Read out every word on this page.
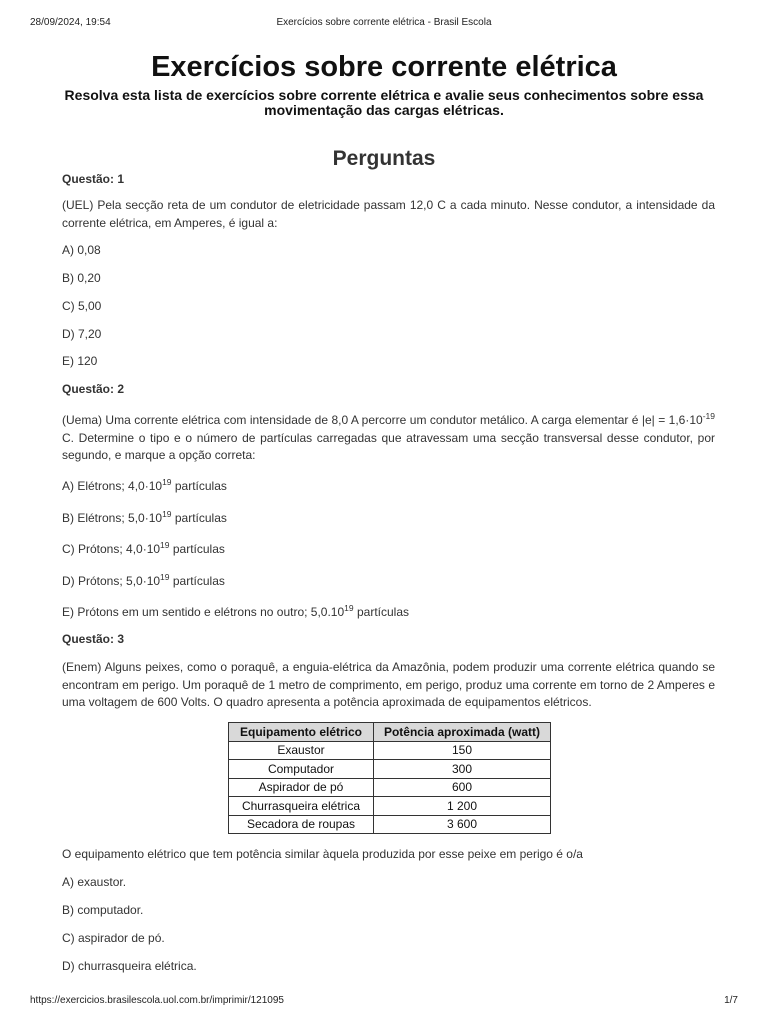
28/09/2024, 19:54	Exercícios sobre corrente elétrica - Brasil Escola
Exercícios sobre corrente elétrica
Resolva esta lista de exercícios sobre corrente elétrica e avalie seus conhecimentos sobre essa movimentação das cargas elétricas.
Perguntas
Questão: 1
(UEL) Pela secção reta de um condutor de eletricidade passam 12,0 C a cada minuto. Nesse condutor, a intensidade da corrente elétrica, em Amperes, é igual a:
A) 0,08
B) 0,20
C) 5,00
D) 7,20
E) 120
Questão: 2
(Uema) Uma corrente elétrica com intensidade de 8,0 A percorre um condutor metálico. A carga elementar é $|e| = 1,6\cdot 10^{-19}$ C. Determine o tipo e o número de partículas carregadas que atravessam uma secção transversal desse condutor, por segundo, e marque a opção correta:
A) Elétrons; $4,0\cdot 10^{19}$ partículas
B) Elétrons; $5,0\cdot 10^{19}$ partículas
C) Prótons; $4,0\cdot 10^{19}$ partículas
D) Prótons; $5,0\cdot 10^{19}$ partículas
E) Prótons em um sentido e elétrons no outro; 5,0.10$^{19}$ partículas
Questão: 3
(Enem) Alguns peixes, como o poraquê, a enguia-elétrica da Amazônia, podem produzir uma corrente elétrica quando se encontram em perigo. Um poraquê de 1 metro de comprimento, em perigo, produz uma corrente em torno de 2 Amperes e uma voltagem de 600 Volts. O quadro apresenta a potência aproximada de equipamentos elétricos.
Equipamento elétrico	Potência aproximada (watt)
Exaustor	150
Computador	300
Aspirador de pó	600
Churrasqueira elétrica	1 200
Secadora de roupas	3 600
O equipamento elétrico que tem potência similar àquela produzida por esse peixe em perigo é o/a
A) exaustor.
B) computador.
C) aspirador de pó.
D) churrasqueira elétrica.
https://exercicios.brasilescola.uol.com.br/imprimir/121095	1/7
